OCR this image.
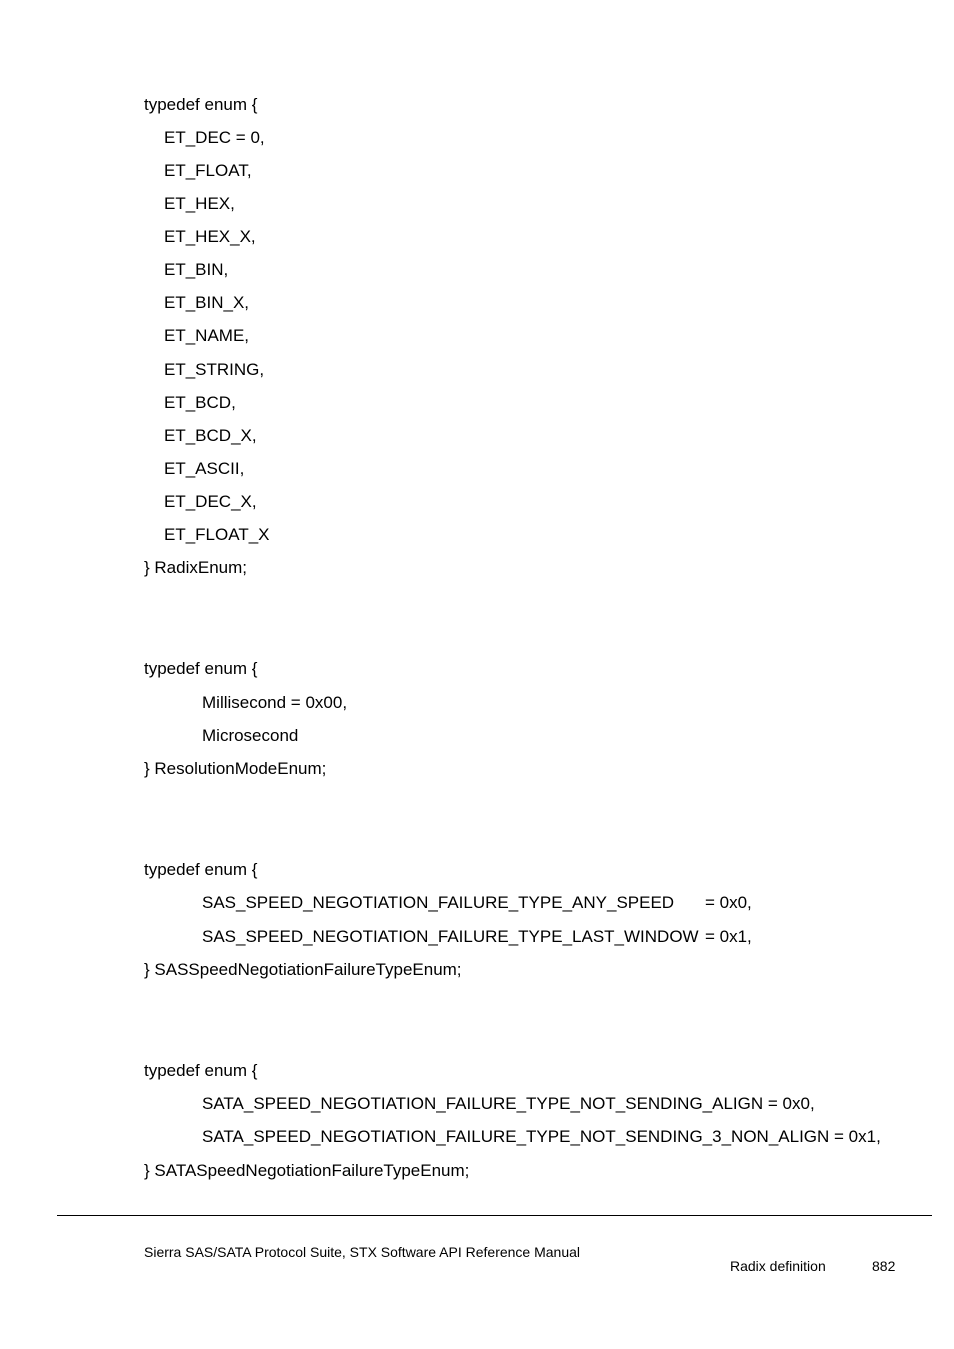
typedef enum {
ET_DEC = 0,
ET_FLOAT,
ET_HEX,
ET_HEX_X,
ET_BIN,
ET_BIN_X,
ET_NAME,
ET_STRING,
ET_BCD,
ET_BCD_X,
ET_ASCII,
ET_DEC_X,
ET_FLOAT_X
} RadixEnum;
typedef enum {
Millisecond = 0x00,
Microsecond
} ResolutionModeEnum;
typedef enum {
SAS_SPEED_NEGOTIATION_FAILURE_TYPE_ANY_SPEED = 0x0,
SAS_SPEED_NEGOTIATION_FAILURE_TYPE_LAST_WINDOW = 0x1,
} SASSpeedNegotiationFailureTypeEnum;
typedef enum {
SATA_SPEED_NEGOTIATION_FAILURE_TYPE_NOT_SENDING_ALIGN = 0x0,
SATA_SPEED_NEGOTIATION_FAILURE_TYPE_NOT_SENDING_3_NON_ALIGN = 0x1,
} SATASpeedNegotiationFailureTypeEnum;
Sierra SAS/SATA Protocol Suite, STX Software API Reference Manual
Radix definition	882
